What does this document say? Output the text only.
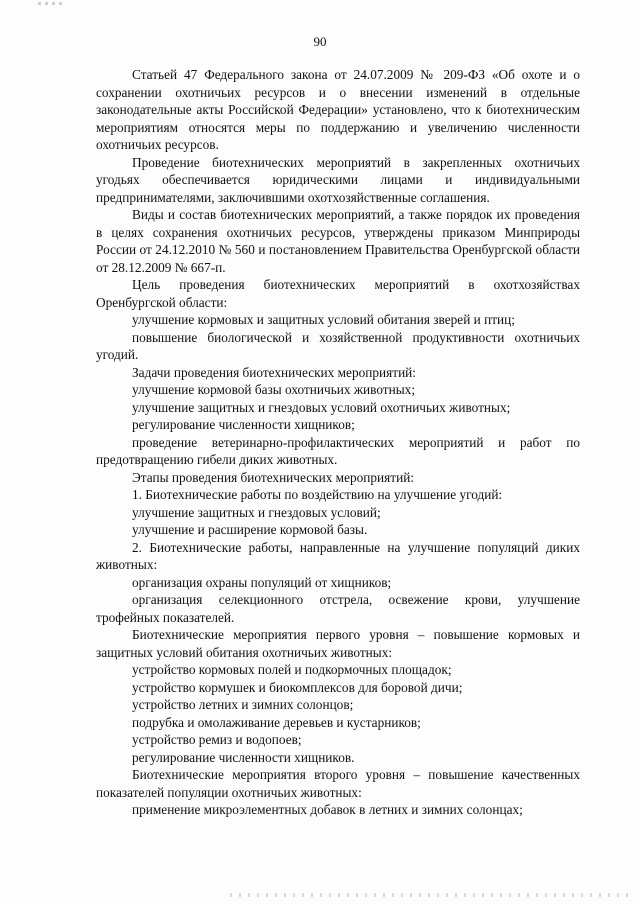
90

Статьей 47 Федерального закона от 24.07.2009 № 209-ФЗ «Об охоте и о сохранении охотничьих ресурсов и о внесении изменений в отдельные законодательные акты Российской Федерации» установлено, что к биотехническим мероприятиям относятся меры по поддержанию и увеличению численности охотничьих ресурсов.

Проведение биотехнических мероприятий в закрепленных охотничьих угодьях обеспечивается юридическими лицами и индивидуальными предпринимателями, заключившими охотхозяйственные соглашения.

Виды и состав биотехнических мероприятий, а также порядок их проведения в целях сохранения охотничьих ресурсов, утверждены приказом Минприроды России от 24.12.2010 № 560 и постановлением Правительства Оренбургской области от 28.12.2009 № 667-п.

Цель проведения биотехнических мероприятий в охотхозяйствах Оренбургской области:

улучшение кормовых и защитных условий обитания зверей и птиц;

повышение биологической и хозяйственной продуктивности охотничьих угодий.

Задачи проведения биотехнических мероприятий:

улучшение кормовой базы охотничьих животных;

улучшение защитных и гнездовых условий охотничьих животных;

регулирование численности хищников;

проведение ветеринарно-профилактических мероприятий и работ по предотвращению гибели диких животных.

Этапы проведения биотехнических мероприятий:

1. Биотехнические работы по воздействию на улучшение угодий:

улучшение защитных и гнездовых условий;

улучшение и расширение кормовой базы.

2. Биотехнические работы, направленные на улучшение популяций диких животных:

организация охраны популяций от хищников;

организация селекционного отстрела, освежение крови, улучшение трофейных показателей.

Биотехнические мероприятия первого уровня – повышение кормовых и защитных условий обитания охотничьих животных:

устройство кормовых полей и подкормочных площадок;

устройство кормушек и биокомплексов для боровой дичи;

устройство летних и зимних солонцов;

подрубка и омолаживание деревьев и кустарников;

устройство ремиз и водопоев;

регулирование численности хищников.

Биотехнические мероприятия второго уровня – повышение качественных показателей популяции охотничьих животных:

применение микроэлементных добавок в летних и зимних солонцах;
